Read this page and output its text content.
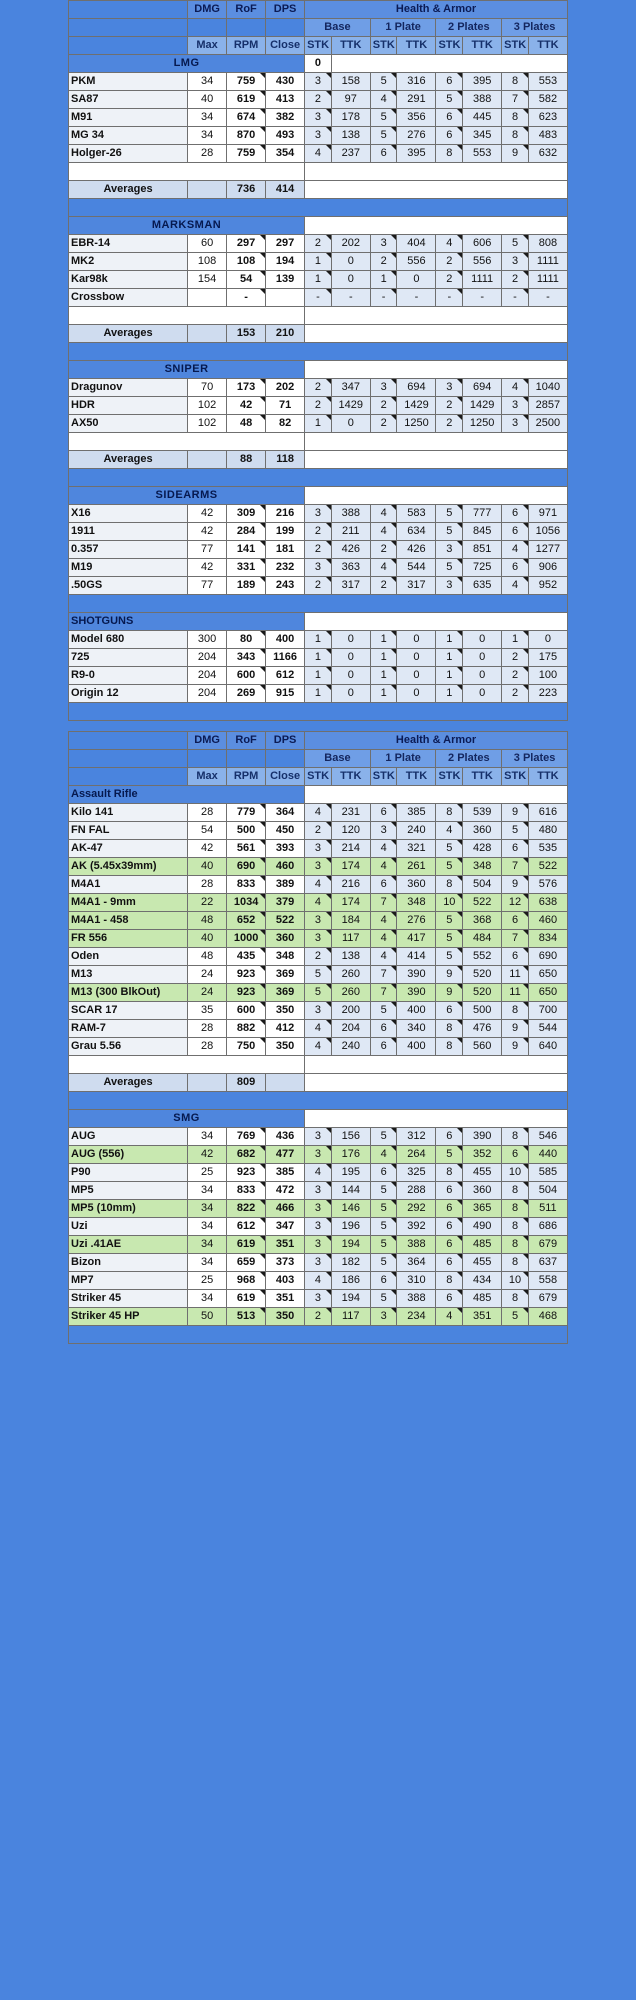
	DMG	RoF	DPS	Health & Armor							
				Base		1 Plate		2 Plates		3 Plates	
	Max	RPM	Close	STK	TTK	STK	TTK	STK	TTK	STK	TTK
LMG				0							
PKM	34	759	430	3	158	5	316	6	395	8	553
SA87	40	619	413	2	97	4	291	5	388	7	582
M91	34	674	382	3	178	5	356	6	445	8	623
MG 34	34	870	493	3	138	5	276	6	345	8	483
Holger-26	28	759	354	4	237	6	395	8	553	9	632

Averages		736	414								

MARKSMAN											
EBR-14	60	297	297	2	202	3	404	4	606	5	808
MK2	108	108	194	1	0	2	556	2	556	3	1111
Kar98k	154	54	139	1	0	1	0	2	1111	2	1111
Crossbow		-		-	-	-	-	-	-	-	-

Averages		153	210								

SNIPER											
Dragunov	70	173	202	2	347	3	694	3	694	4	1040
HDR	102	42	71	2	1429	2	1429	2	1429	3	2857
AX50	102	48	82	1	0	2	1250	2	1250	3	2500

Averages		88	118								

SIDEARMS											
X16	42	309	216	3	388	4	583	5	777	6	971
1911	42	284	199	2	211	4	634	5	845	6	1056
0.357	77	141	181	2	426	2	426	3	851	4	1277
M19	42	331	232	3	363	4	544	5	725	6	906
.50GS	77	189	243	2	317	2	317	3	635	4	952

SHOTGUNS											
Model 680	300	80	400	1	0	1	0	1	0	1	0
725	204	343	1166	1	0	1	0	1	0	2	175
R9-0	204	600	612	1	0	1	0	1	0	2	100
Origin 12	204	269	915	1	0	1	0	1	0	2	223

	DMG	RoF	DPS	Health & Armor							
				Base		1 Plate		2 Plates		3 Plates	
	Max	RPM	Close	STK	TTK	STK	TTK	STK	TTK	STK	TTK
Assault Rifle											
Kilo 141	28	779	364	4	231	6	385	8	539	9	616
FN FAL	54	500	450	2	120	3	240	4	360	5	480
AK-47	42	561	393	3	214	4	321	5	428	6	535
AK (5.45x39mm)	40	690	460	3	174	4	261	5	348	7	522
M4A1	28	833	389	4	216	6	360	8	504	9	576
M4A1 - 9mm	22	1034	379	4	174	7	348	10	522	12	638
M4A1 - 458	48	652	522	3	184	4	276	5	368	6	460
FR 556	40	1000	360	3	117	4	417	5	484	7	834
Oden	48	435	348	2	138	4	414	5	552	6	690
M13	24	923	369	5	260	7	390	9	520	11	650
M13 (300 BlkOut)	24	923	369	5	260	7	390	9	520	11	650
SCAR 17	35	600	350	3	200	5	400	6	500	8	700
RAM-7	28	882	412	4	204	6	340	8	476	9	544
Grau 5.56	28	750	350	4	240	6	400	8	560	9	640

Averages		809									

SMG											
AUG	34	769	436	3	156	5	312	6	390	8	546
AUG (556)	42	682	477	3	176	4	264	5	352	6	440
P90	25	923	385	4	195	6	325	8	455	10	585
MP5	34	833	472	3	144	5	288	6	360	8	504
MP5 (10mm)	34	822	466	3	146	5	292	6	365	8	511
Uzi	34	612	347	3	196	5	392	6	490	8	686
Uzi .41AE	34	619	351	3	194	5	388	6	485	8	679
Bizon	34	659	373	3	182	5	364	6	455	8	637
MP7	25	968	403	4	186	6	310	8	434	10	558
Striker 45	34	619	351	3	194	5	388	6	485	8	679
Striker 45 HP	50	513	350	2	117	3	234	4	351	5	468
